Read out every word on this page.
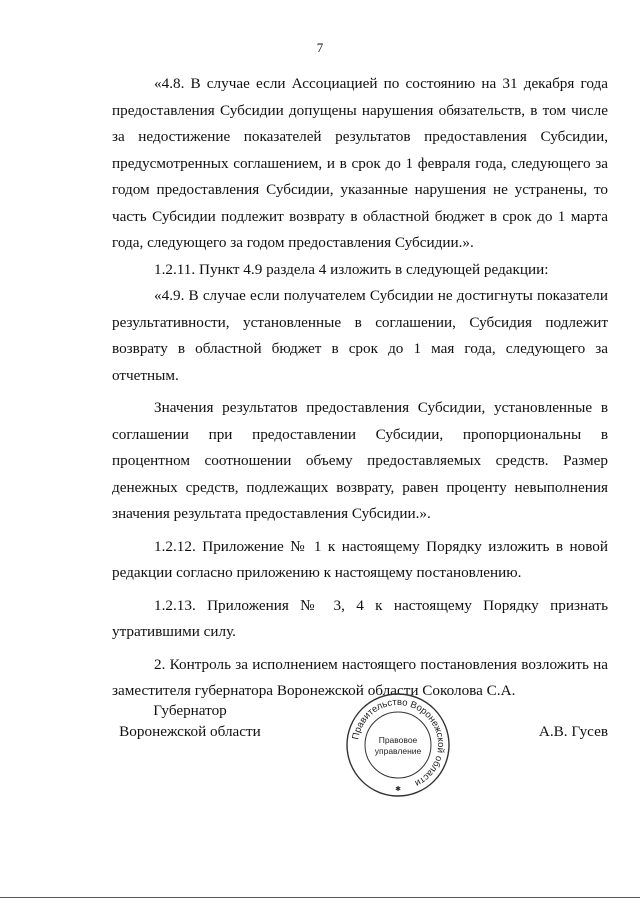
7

«4.8. В случае если Ассоциацией по состоянию на 31 декабря года предоставления Субсидии допущены нарушения обязательств, в том числе за недостижение показателей результатов предоставления Субсидии, предусмотренных соглашением, и в срок до 1 февраля года, следующего за годом предоставления Субсидии, указанные нарушения не устранены, то часть Субсидии подлежит возврату в областной бюджет в срок до 1 марта года, следующего за годом предоставления Субсидии.».

1.2.11. Пункт 4.9 раздела 4 изложить в следующей редакции:

«4.9. В случае если получателем Субсидии не достигнуты показатели результативности, установленные в соглашении, Субсидия подлежит возврату в областной бюджет в срок до 1 мая года, следующего за отчетным.

Значения результатов предоставления Субсидии, установленные в соглашении при предоставлении Субсидии, пропорциональны в процентном соотношении объему предоставляемых средств. Размер денежных средств, подлежащих возврату, равен проценту невыполнения значения результата предоставления Субсидии.».

1.2.12. Приложение № 1 к настоящему Порядку изложить в новой редакции согласно приложению к настоящему постановлению.

1.2.13. Приложения № 3, 4 к настоящему Порядку признать утратившими силу.

2. Контроль за исполнением настоящего постановления возложить на заместителя губернатора Воронежской области Соколова С.А.

Губернатор
Воронежской области	Правительство Воронежской области
Правовое
управление
✱
А.В. Гусев
